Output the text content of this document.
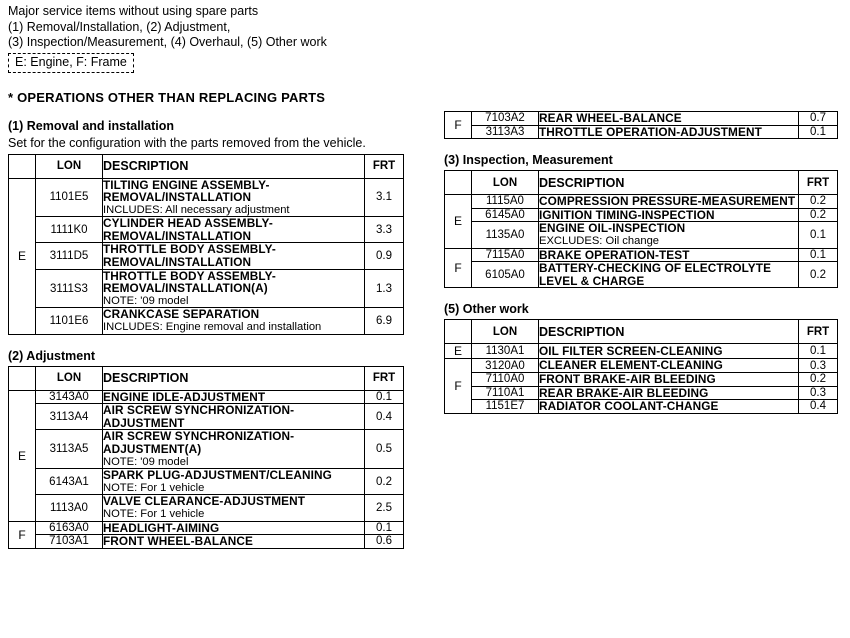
Major service items without using spare parts
(1) Removal/Installation, (2) Adjustment,
(3) Inspection/Measurement, (4) Overhaul, (5) Other work
E: Engine, F: Frame
* OPERATIONS OTHER THAN REPLACING PARTS
(1) Removal and installation
Set for the configuration with the parts removed from the vehicle.
	LON	DESCRIPTION	FRT
E	1101E5	TILTING ENGINE ASSEMBLY-REMOVAL/INSTALLATION
INCLUDES: All necessary adjustment	3.1
	1111K0	CYLINDER HEAD ASSEMBLY-REMOVAL/INSTALLATION	3.3
	3111D5	THROTTLE BODY ASSEMBLY-REMOVAL/INSTALLATION	0.9
	3111S3	THROTTLE BODY ASSEMBLY-REMOVAL/INSTALLATION(A)
NOTE: '09 model	1.3
	1101E6	CRANKCASE SEPARATION
INCLUDES: Engine removal and installation	6.9
(2) Adjustment
	LON	DESCRIPTION	FRT
E	3143A0	ENGINE IDLE-ADJUSTMENT	0.1
	3113A4	AIR SCREW SYNCHRONIZATION-ADJUSTMENT	0.4
	3113A5	AIR SCREW SYNCHRONIZATION-ADJUSTMENT(A)
NOTE: '09 model	0.5
	6143A1	SPARK PLUG-ADJUSTMENT/CLEANING
NOTE: For 1 vehicle	0.2
	1113A0	VALVE CLEARANCE-ADJUSTMENT
NOTE: For 1 vehicle	2.5
F	6163A0	HEADLIGHT-AIMING	0.1
	7103A1	FRONT WHEEL-BALANCE	0.6
F	7103A2	REAR WHEEL-BALANCE	0.7
	3113A3	THROTTLE OPERATION-ADJUSTMENT	0.1
(3) Inspection, Measurement
	LON	DESCRIPTION	FRT
E	1115A0	COMPRESSION PRESSURE-MEASUREMENT	0.2
	6145A0	IGNITION TIMING-INSPECTION	0.2
	1135A0	ENGINE OIL-INSPECTION
EXCLUDES: Oil change	0.1
F	7115A0	BRAKE OPERATION-TEST	0.1
	6105A0	BATTERY-CHECKING OF ELECTROLYTE LEVEL & CHARGE	0.2
(5) Other work
	LON	DESCRIPTION	FRT
E	1130A1	OIL FILTER SCREEN-CLEANING	0.1
F	3120A0	CLEANER ELEMENT-CLEANING	0.3
	7110A0	FRONT BRAKE-AIR BLEEDING	0.2
	7110A1	REAR BRAKE-AIR BLEEDING	0.3
	1151E7	RADIATOR COOLANT-CHANGE	0.4
